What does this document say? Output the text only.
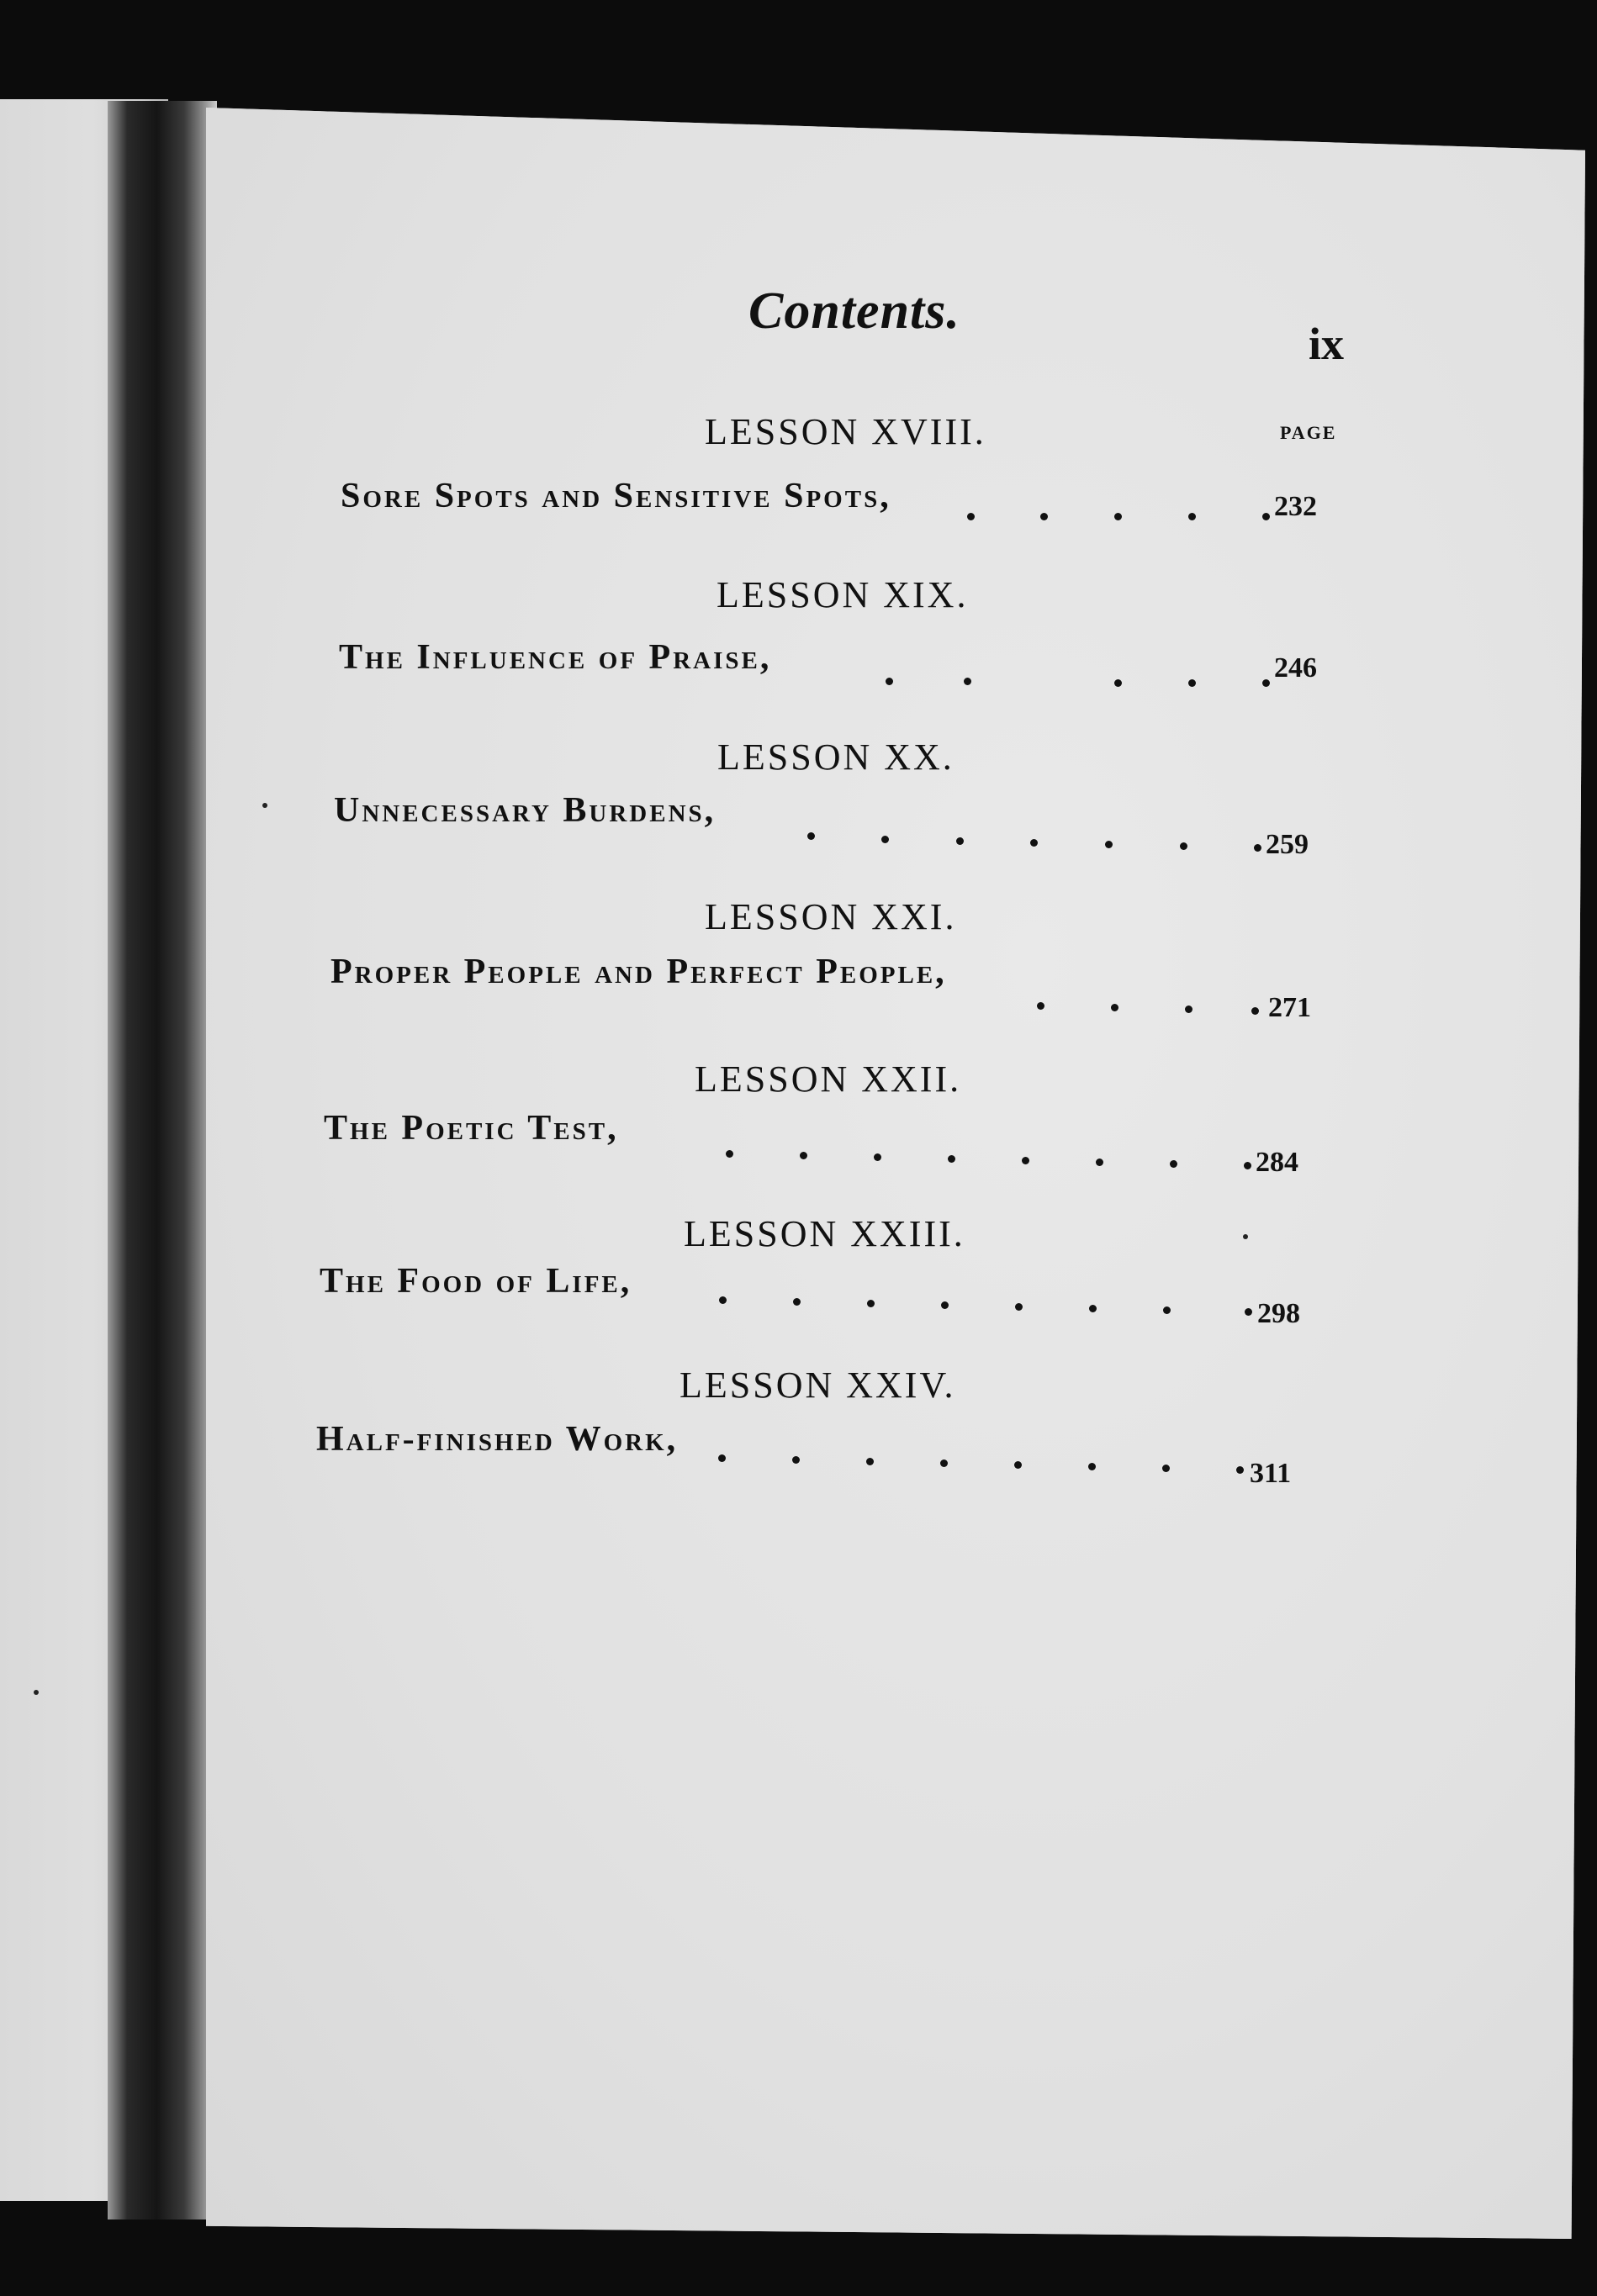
Contents.
ix
PAGE
LESSON XVIII.
Sore Spots and Sensitive Spots,	232
LESSON XIX.
The Influence of Praise,	246
LESSON XX.
Unnecessary Burdens,
259
LESSON XXI.
Proper People and Perfect People,
271
LESSON XXII.
The Poetic Test,
284
LESSON XXIII.
The Food of Life,
298
LESSON XXIV.
Half-finished Work,
311
